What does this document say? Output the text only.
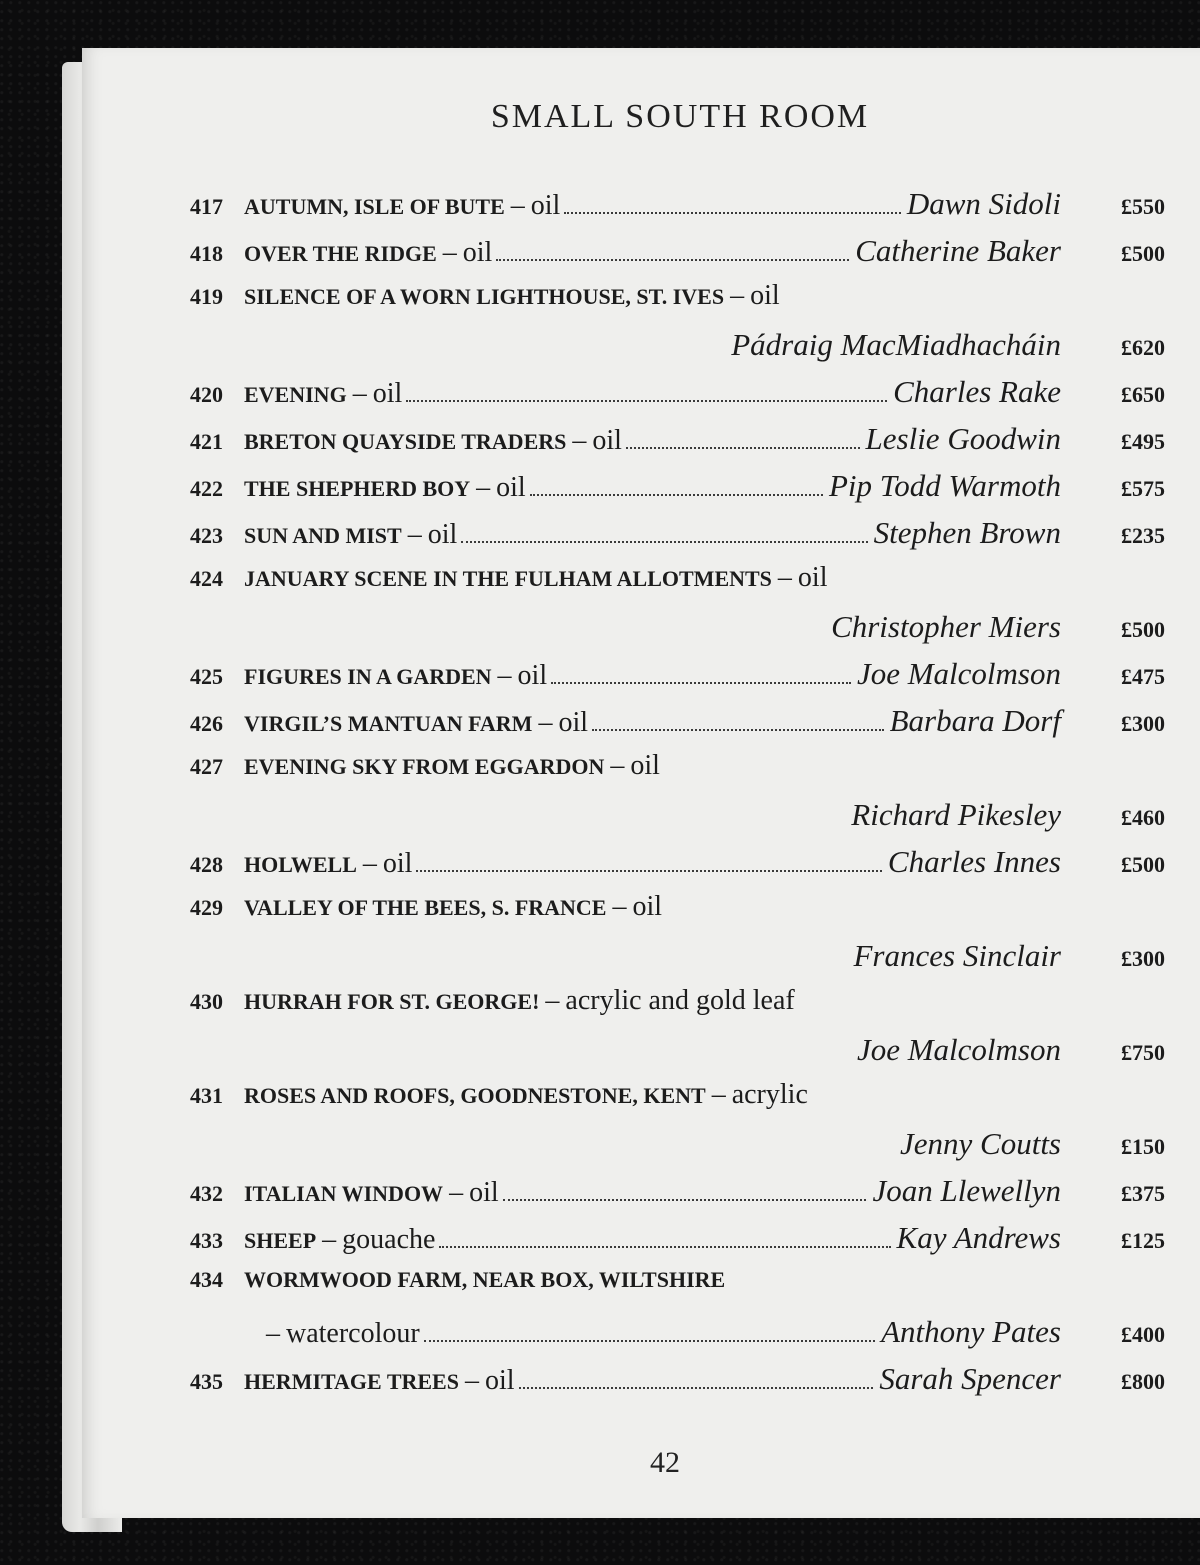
SMALL SOUTH ROOM
417 AUTUMN, ISLE OF BUTE – oil	Dawn Sidoli	£550
418 OVER THE RIDGE – oil	Catherine Baker	£500
419 SILENCE OF A WORN LIGHTHOUSE, ST. IVES – oil
Pádraig MacMiadhacháin	£620
420 EVENING – oil	Charles Rake	£650
421 BRETON QUAYSIDE TRADERS – oil	Leslie Goodwin	£495
422 THE SHEPHERD BOY – oil	Pip Todd Warmoth	£575
423 SUN AND MIST – oil	Stephen Brown	£235
424 JANUARY SCENE IN THE FULHAM ALLOTMENTS – oil
Christopher Miers	£500
425 FIGURES IN A GARDEN – oil	Joe Malcolmson	£475
426 VIRGIL’S MANTUAN FARM – oil	Barbara Dorf	£300
427 EVENING SKY FROM EGGARDON – oil
Richard Pikesley	£460
428 HOLWELL – oil	Charles Innes	£500
429 VALLEY OF THE BEES, S. FRANCE – oil
Frances Sinclair	£300
430 HURRAH FOR ST. GEORGE! – acrylic and gold leaf
Joe Malcolmson	£750
431 ROSES AND ROOFS, GOODNESTONE, KENT – acrylic
Jenny Coutts	£150
432 ITALIAN WINDOW – oil	Joan Llewellyn	£375
433 SHEEP – gouache	Kay Andrews	£125
434 WORMWOOD FARM, NEAR BOX, WILTSHIRE
– watercolour	Anthony Pates	£400
435 HERMITAGE TREES – oil	Sarah Spencer	£800
42
